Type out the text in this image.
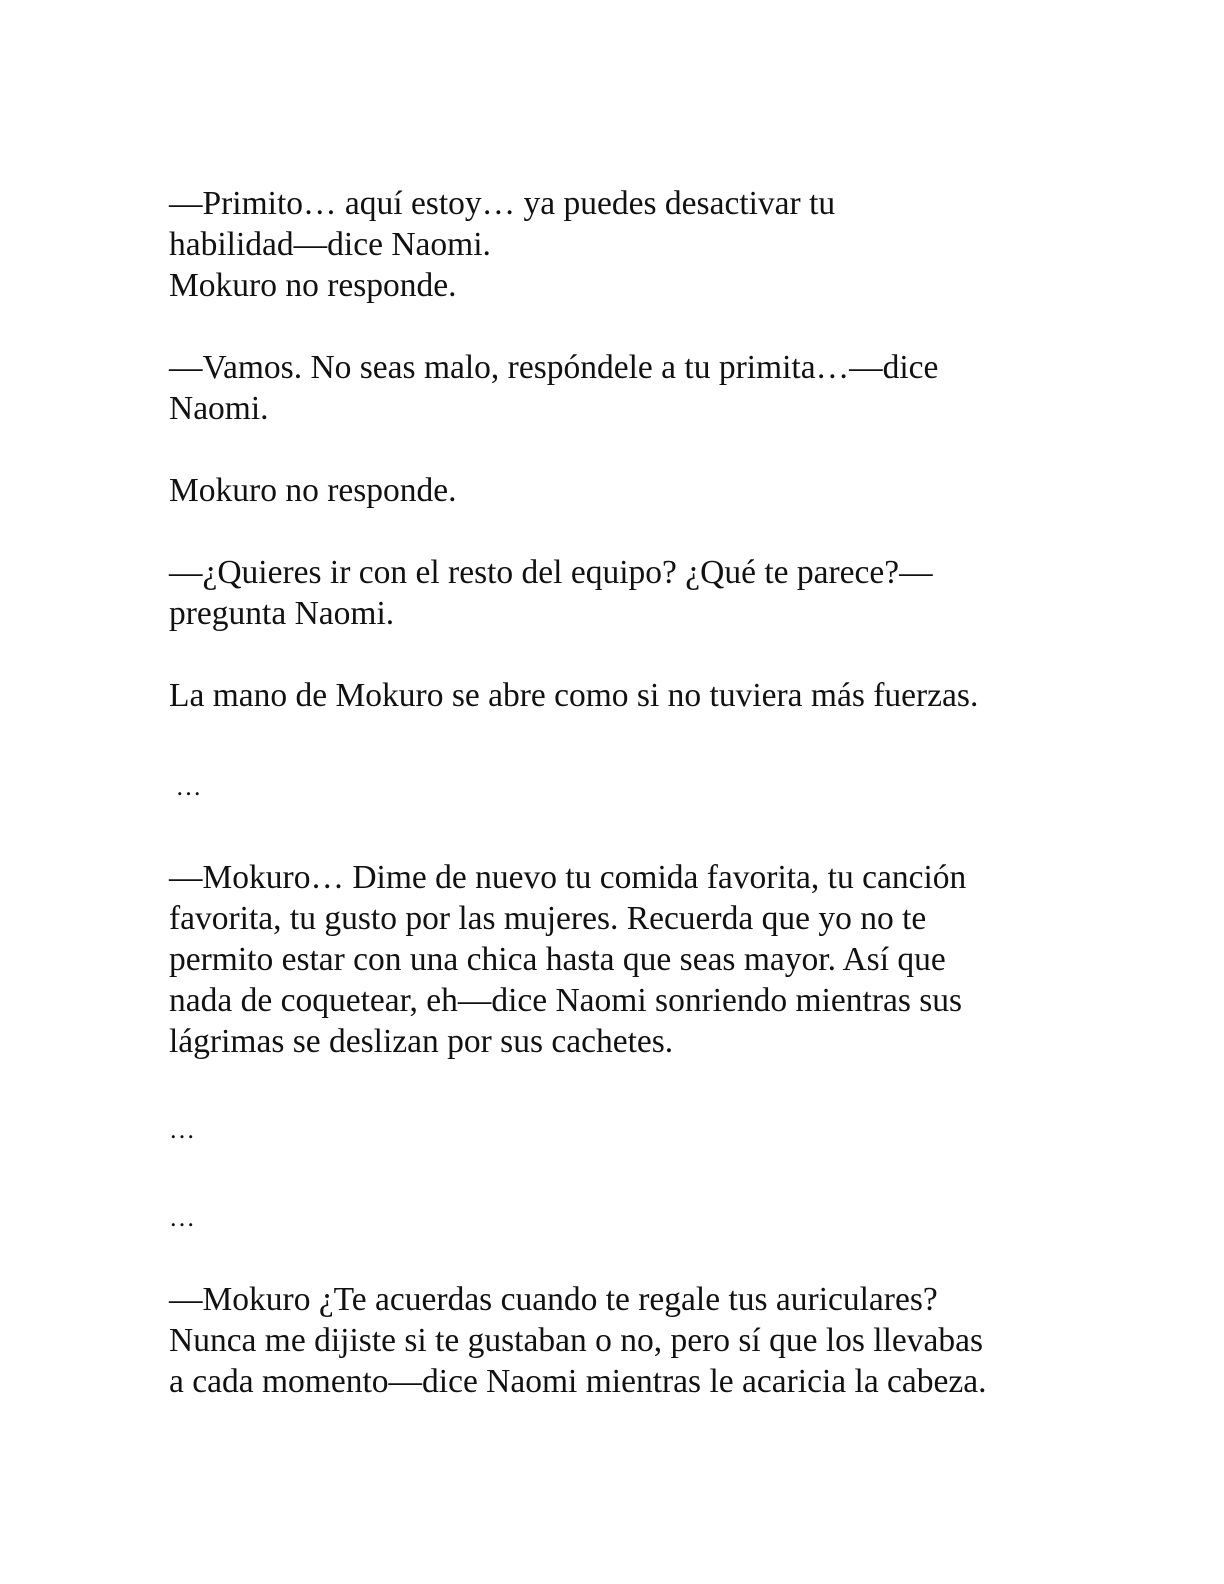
—Primito… aquí estoy… ya puedes desactivar tu
habilidad—dice Naomi.
Mokuro no responde.
—Vamos. No seas malo, respóndele a tu primita…—dice
Naomi.
Mokuro no responde.
—¿Quieres ir con el resto del equipo? ¿Qué te parece?—
pregunta Naomi.
La mano de Mokuro se abre como si no tuviera más fuerzas.
…
—Mokuro… Dime de nuevo tu comida favorita, tu canción
favorita, tu gusto por las mujeres. Recuerda que yo no te
permito estar con una chica hasta que seas mayor. Así que
nada de coquetear, eh—dice Naomi sonriendo mientras sus
lágrimas se deslizan por sus cachetes.
…
…
—Mokuro ¿Te acuerdas cuando te regale tus auriculares?
Nunca me dijiste si te gustaban o no, pero sí que los llevabas
a cada momento—dice Naomi mientras le acaricia la cabeza.
